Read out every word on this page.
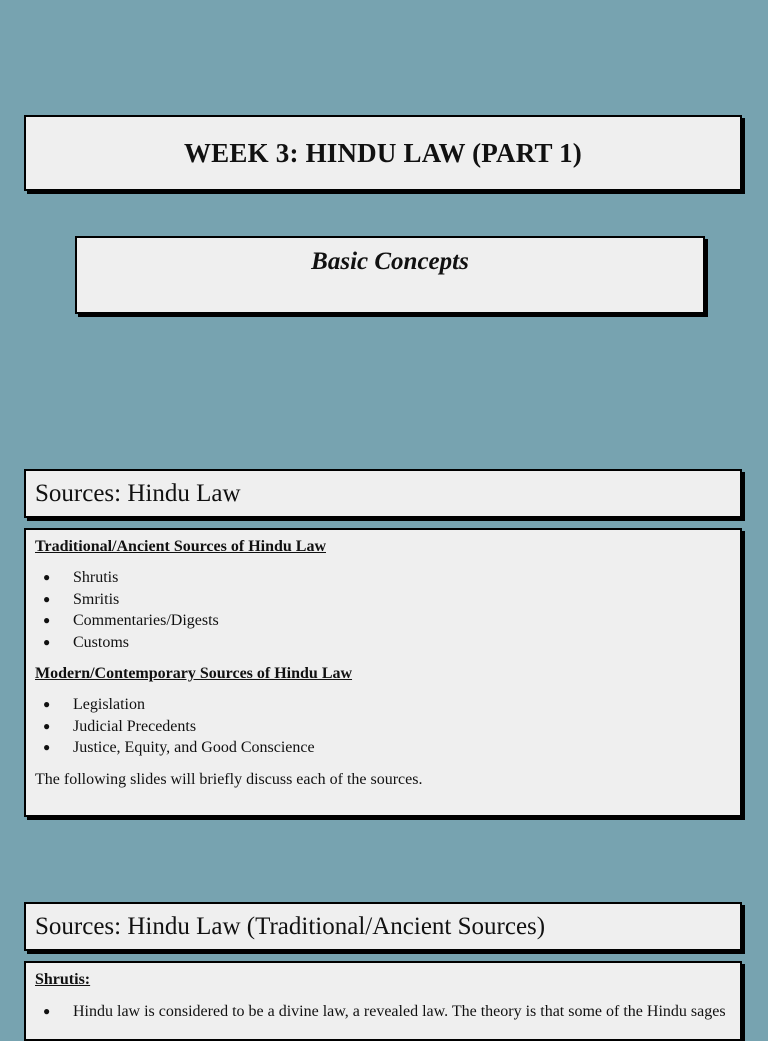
WEEK 3: HINDU LAW (PART 1)
Basic Concepts
Sources: Hindu Law

Traditional/Ancient Sources of Hindu Law

● Shrutis
● Smritis
● Commentaries/Digests
● Customs

Modern/Contemporary Sources of Hindu Law

● Legislation
● Judicial Precedents
● Justice, Equity, and Good Conscience

The following slides will briefly discuss each of the sources.

Sources: Hindu Law (Traditional/Ancient Sources)

Shrutis:

● Hindu law is considered to be a divine law, a revealed law. The theory is that some of the Hindu sages
